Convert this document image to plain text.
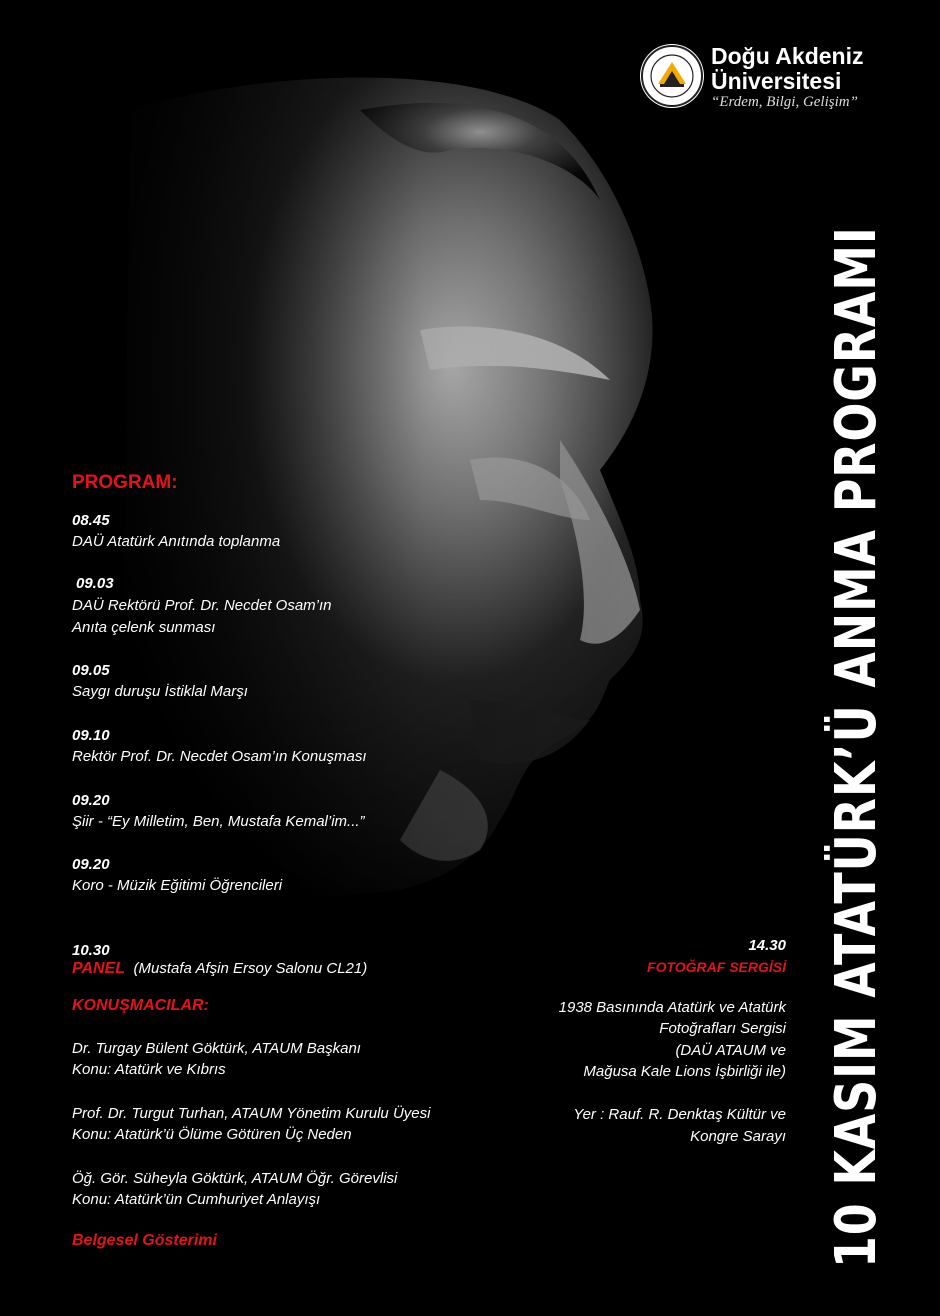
Doğu Akdeniz
Üniversitesi
“Erdem, Bilgi, Gelişim”
10 KASIM ATATÜRK’Ü ANMA PROGRAMI
PROGRAM:
08.45
DAÜ Atatürk Anıtında toplanma
09.03
DAÜ Rektörü Prof. Dr. Necdet Osam’ın
Anıta çelenk sunması
09.05
Saygı duruşu İstiklal Marşı
09.10
Rektör Prof. Dr. Necdet Osam’ın Konuşması
09.20
Şiir - “Ey Milletim, Ben, Mustafa Kemal’im...”
09.20
Koro - Müzik Eğitimi Öğrencileri
10.30
PANEL (Mustafa Afşin Ersoy Salonu CL21)
KONUŞMACILAR:
Dr. Turgay Bülent Göktürk, ATAUM Başkanı
Konu: Atatürk ve Kıbrıs
Prof. Dr. Turgut Turhan, ATAUM Yönetim Kurulu Üyesi
Konu: Atatürk’ü Ölüme Götüren Üç Neden
Öğ. Gör. Süheyla Göktürk, ATAUM Öğr. Görevlisi
Konu: Atatürk’ün Cumhuriyet Anlayışı
Belgesel Gösterimi
14.30
FOTOĞRAF SERGİSİ
1938 Basınında Atatürk ve Atatürk
Fotoğrafları Sergisi
(DAÜ ATAUM ve
Mağusa Kale Lions İşbirliği ile)
Yer : Rauf. R. Denktaş Kültür ve
Kongre Sarayı
